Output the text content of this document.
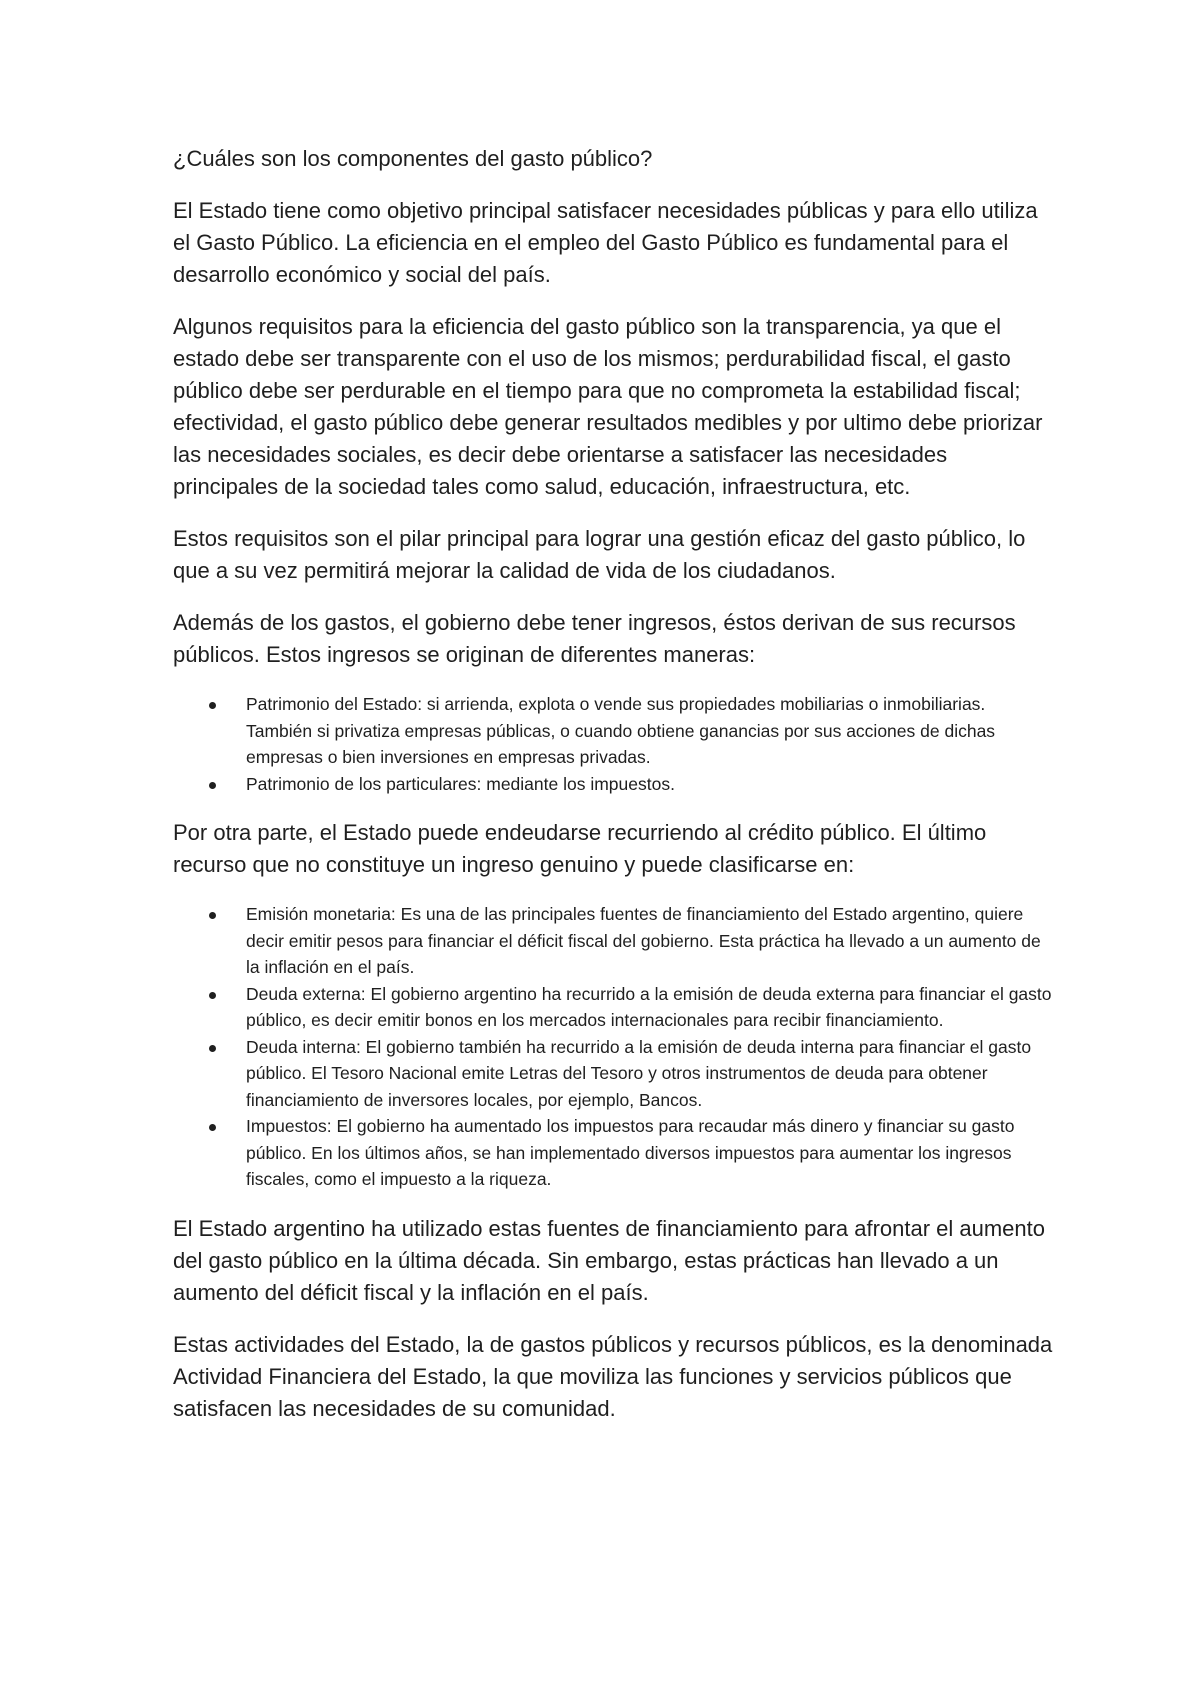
¿Cuáles son los componentes del gasto público?

El Estado tiene como objetivo principal satisfacer necesidades públicas y para ello utiliza el Gasto Público. La eficiencia en el empleo del Gasto Público es fundamental para el desarrollo económico y social del país.

Algunos requisitos para la eficiencia del gasto público son la transparencia, ya que el estado debe ser transparente con el uso de los mismos; perdurabilidad fiscal, el gasto público debe ser perdurable en el tiempo para que no comprometa la estabilidad fiscal; efectividad, el gasto público debe generar resultados medibles y por ultimo debe priorizar las necesidades sociales, es decir debe orientarse a satisfacer las necesidades principales de la sociedad tales como salud, educación, infraestructura, etc.

Estos requisitos son el pilar principal para lograr una gestión eficaz del gasto público, lo que a su vez permitirá mejorar la calidad de vida de los ciudadanos.

Además de los gastos, el gobierno debe tener ingresos, éstos derivan de sus recursos públicos. Estos ingresos se originan de diferentes maneras:

Patrimonio del Estado: si arrienda, explota o vende sus propiedades mobiliarias o inmobiliarias. También si privatiza empresas públicas, o cuando obtiene ganancias por sus acciones de dichas empresas o bien inversiones en empresas privadas.
Patrimonio de los particulares: mediante los impuestos.

Por otra parte, el Estado puede endeudarse recurriendo al crédito público. El último recurso que no constituye un ingreso genuino y puede clasificarse en:

Emisión monetaria: Es una de las principales fuentes de financiamiento del Estado argentino, quiere decir emitir pesos para financiar el déficit fiscal del gobierno. Esta práctica ha llevado a un aumento de la inflación en el país.
Deuda externa: El gobierno argentino ha recurrido a la emisión de deuda externa para financiar el gasto público, es decir emitir bonos en los mercados internacionales para recibir financiamiento.
Deuda interna: El gobierno también ha recurrido a la emisión de deuda interna para financiar el gasto público. El Tesoro Nacional emite Letras del Tesoro y otros instrumentos de deuda para obtener financiamiento de inversores locales, por ejemplo, Bancos.
Impuestos: El gobierno ha aumentado los impuestos para recaudar más dinero y financiar su gasto público. En los últimos años, se han implementado diversos impuestos para aumentar los ingresos fiscales, como el impuesto a la riqueza.

El Estado argentino ha utilizado estas fuentes de financiamiento para afrontar el aumento del gasto público en la última década. Sin embargo, estas prácticas han llevado a un aumento del déficit fiscal y la inflación en el país.

Estas actividades del Estado, la de gastos públicos y recursos públicos, es la denominada Actividad Financiera del Estado, la que moviliza las funciones y servicios públicos que satisfacen las necesidades de su comunidad.
